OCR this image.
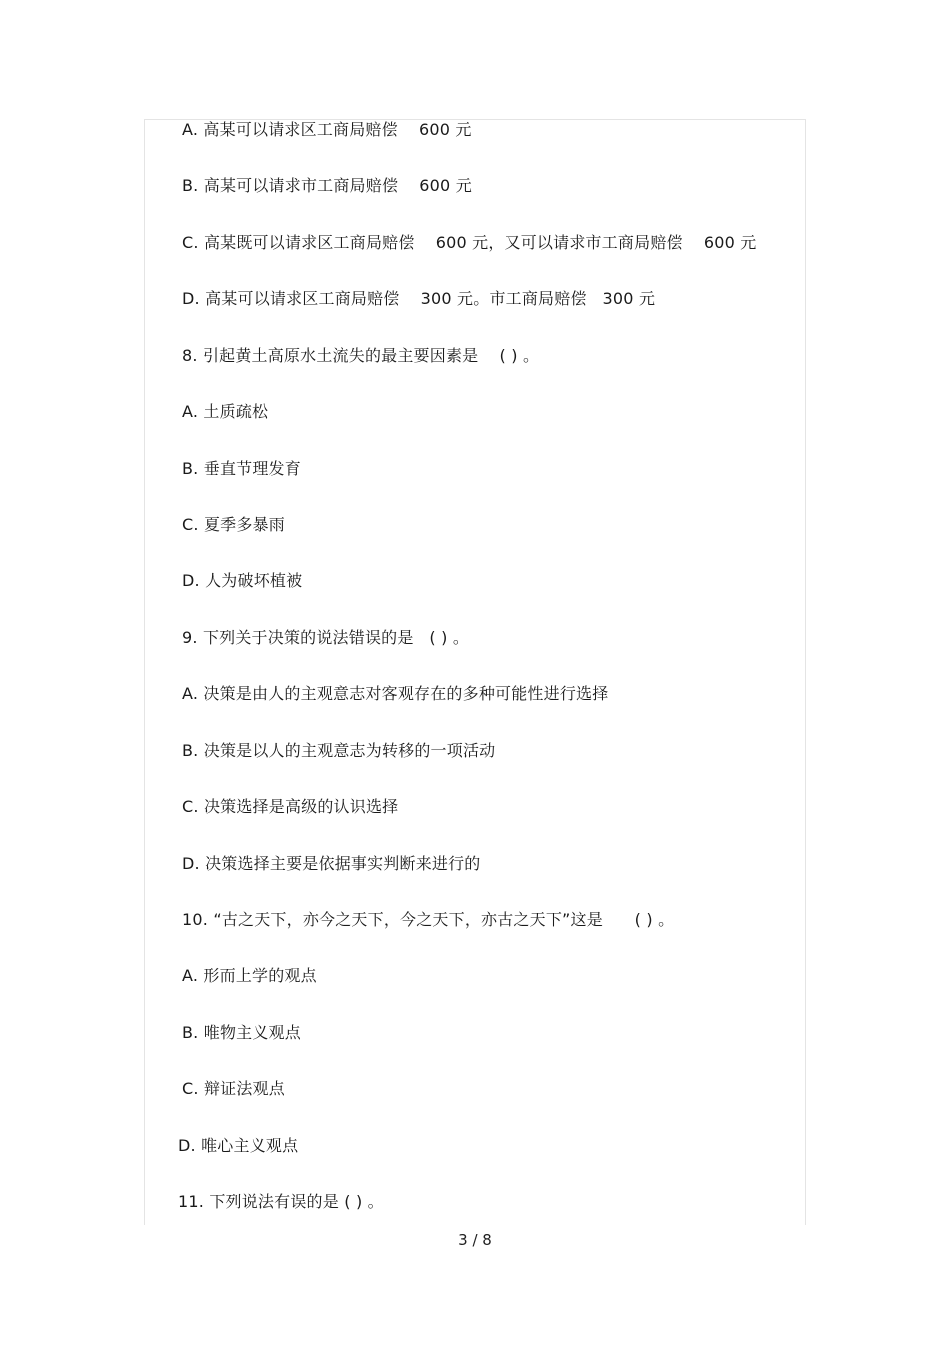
A. 高某可以请求区工商局赔偿    600 元
B. 高某可以请求市工商局赔偿    600 元
C. 高某既可以请求区工商局赔偿    600 元，又可以请求市工商局赔偿    600 元
D. 高某可以请求区工商局赔偿    300 元。市工商局赔偿   300 元
8. 引起黄土高原水土流失的最主要因素是    ( ) 。
A. 土质疏松
B. 垂直节理发育
C. 夏季多暴雨
D. 人为破坏植被
9. 下列关于决策的说法错误的是   ( ) 。
A. 决策是由人的主观意志对客观存在的多种可能性进行选择
B. 决策是以人的主观意志为转移的一项活动
C. 决策选择是高级的认识选择
D. 决策选择主要是依据事实判断来进行的
10. “古之天下，亦今之天下，今之天下，亦古之天下”这是      ( ) 。
A. 形而上学的观点
B. 唯物主义观点
C. 辩证法观点
D. 唯心主义观点
11. 下列说法有误的是 ( ) 。
3 / 8
